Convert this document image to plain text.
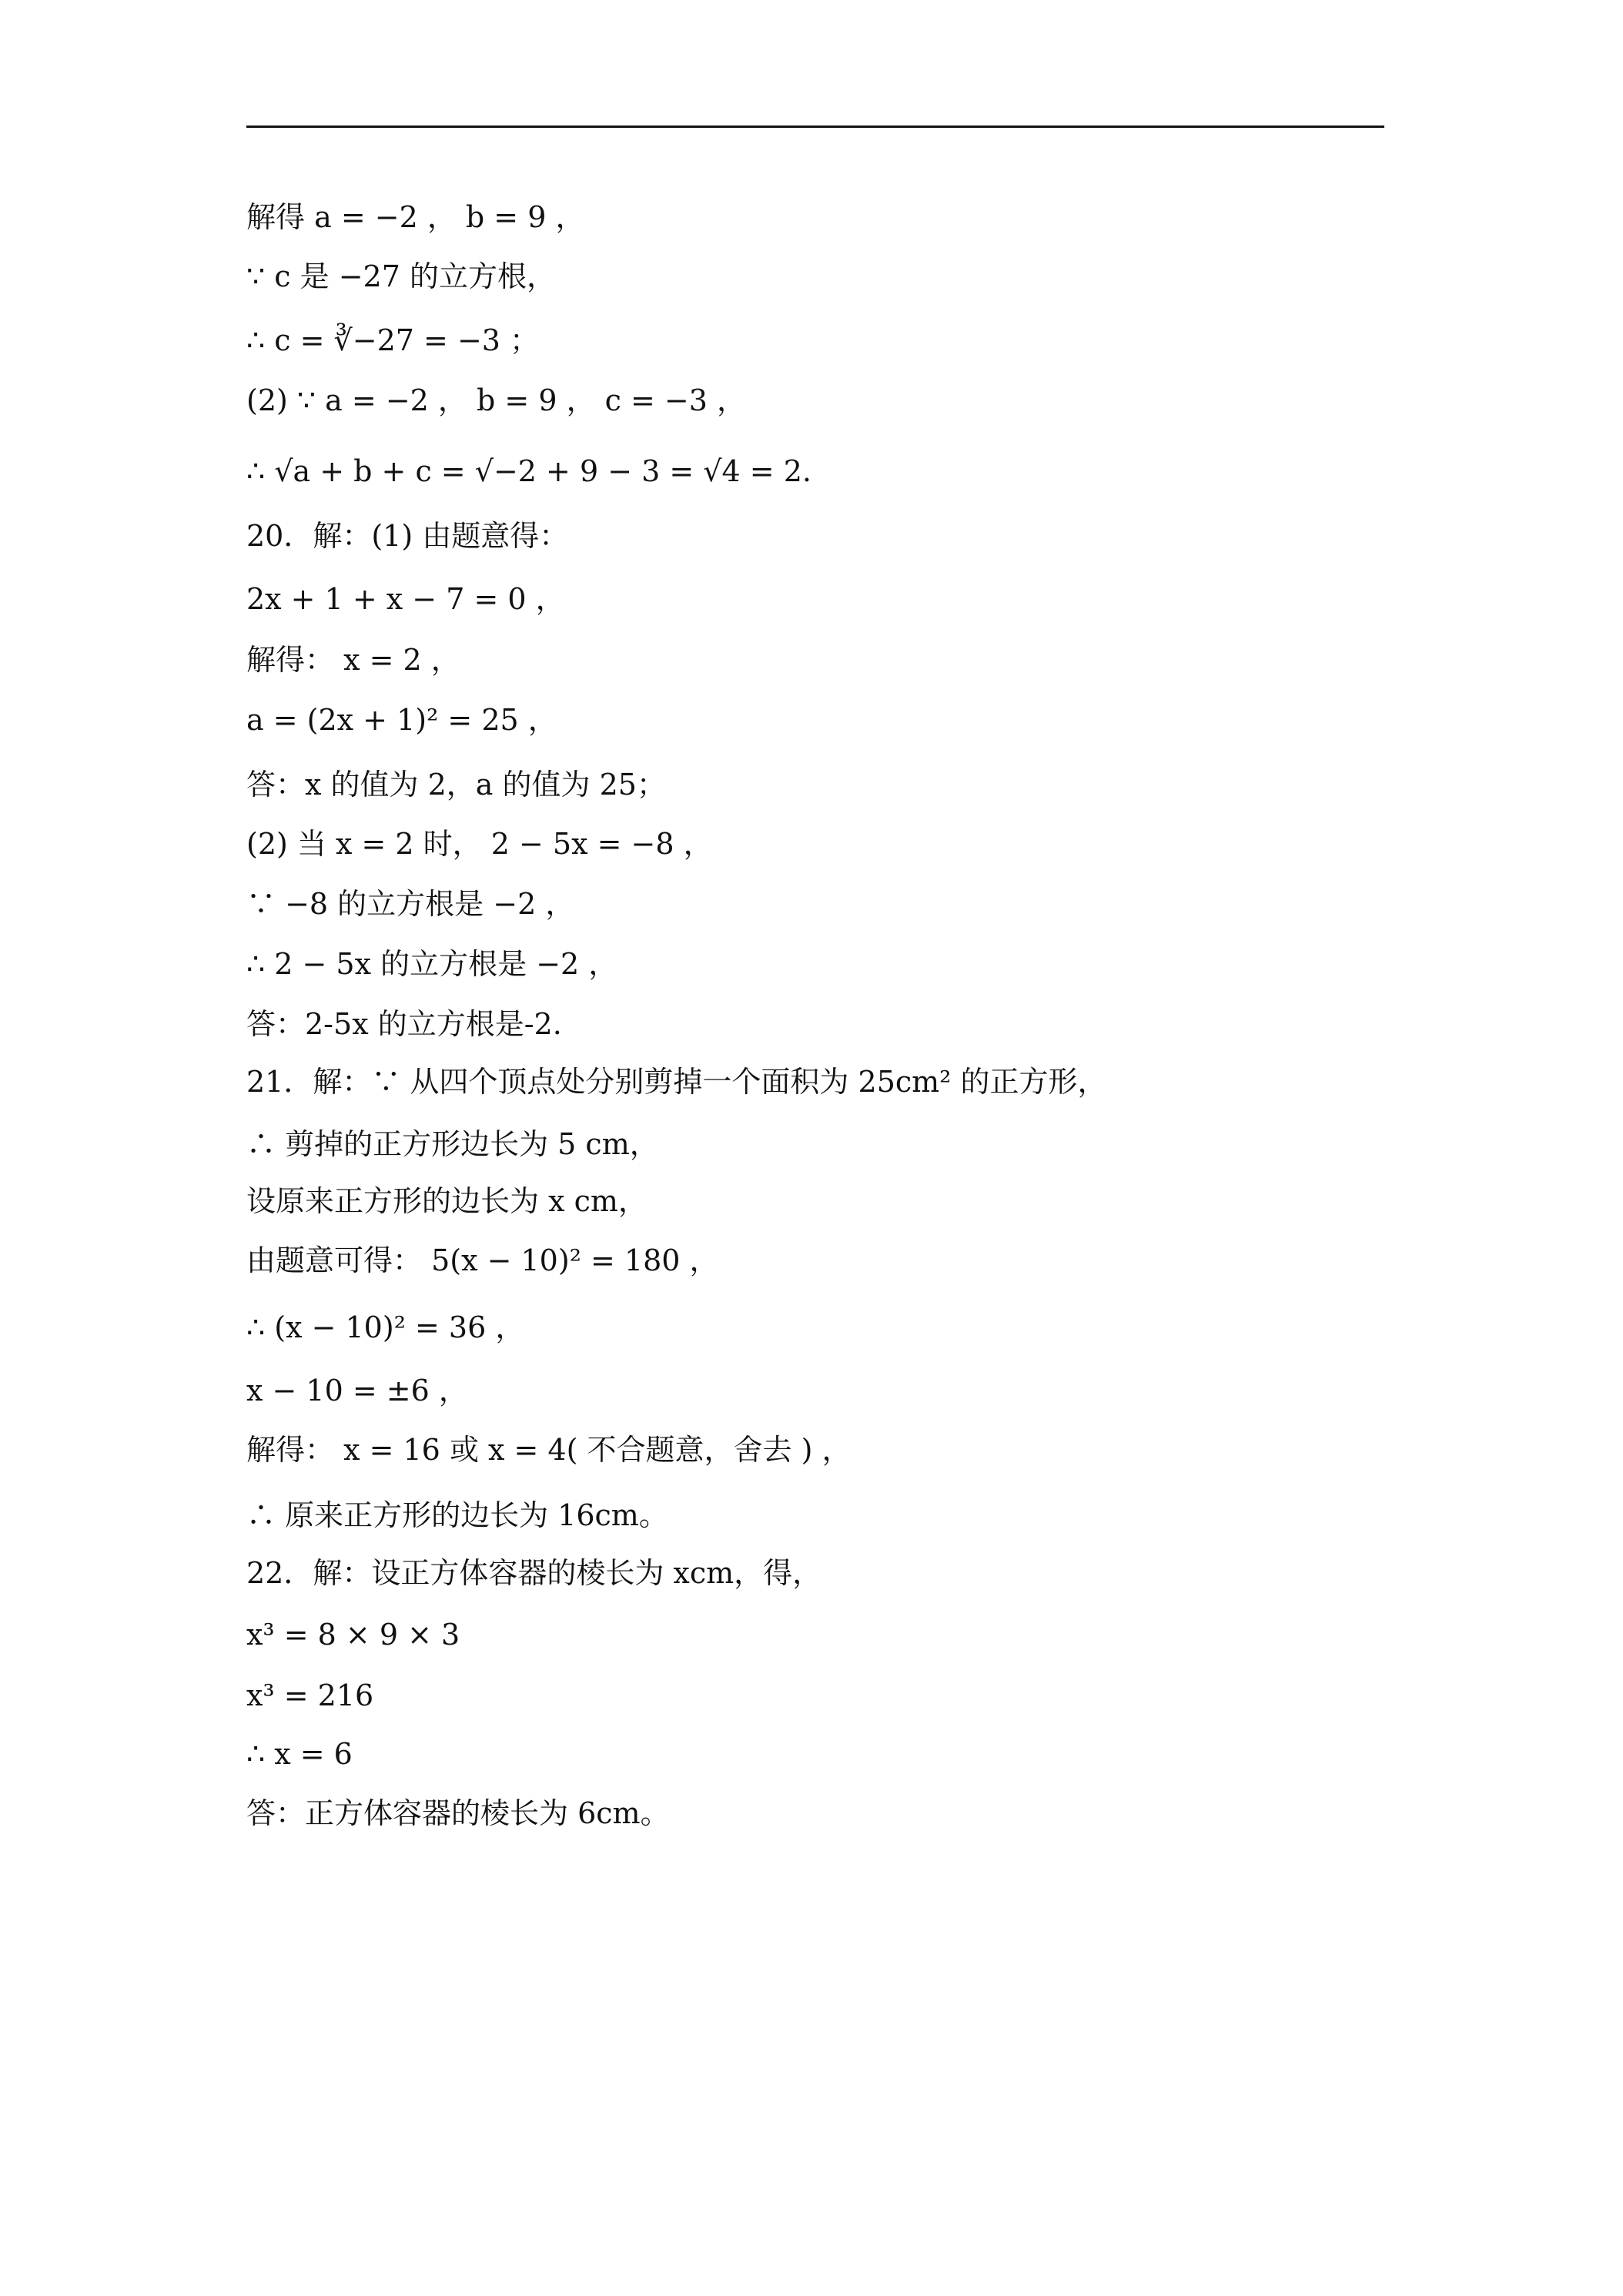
解得 a = −2 ， b = 9 ，
∵ c 是 −27 的立方根，
∴ c = ∛−27 = −3 ；
(2) ∵ a = −2 ， b = 9 ， c = −3 ，
∴ √a + b + c = √−2 + 9 − 3 = √4 = 2.
20．解：(1) 由题意得：
2x + 1 + x − 7 = 0 ，
解得： x = 2 ，
a = (2x + 1)² = 25 ，
答：x 的值为 2，a 的值为 25；
(2) 当 x = 2 时， 2 − 5x = −8 ，
∵ −8 的立方根是 −2 ，
∴ 2 − 5x 的立方根是 −2 ，
答：2-5x 的立方根是-2.
21．解：∵ 从四个顶点处分别剪掉一个面积为 25cm² 的正方形，
∴ 剪掉的正方形边长为 5 cm，
设原来正方形的边长为 x cm，
由题意可得： 5(x − 10)² = 180 ，
∴ (x − 10)² = 36 ，
x − 10 = ±6 ，
解得： x = 16 或 x = 4( 不合题意，舍去 ) ，
∴ 原来正方形的边长为 16cm。
22．解：设正方体容器的棱长为 xcm，得，
x³ = 8 × 9 × 3
x³ = 216
∴ x = 6
答：正方体容器的棱长为 6cm。
